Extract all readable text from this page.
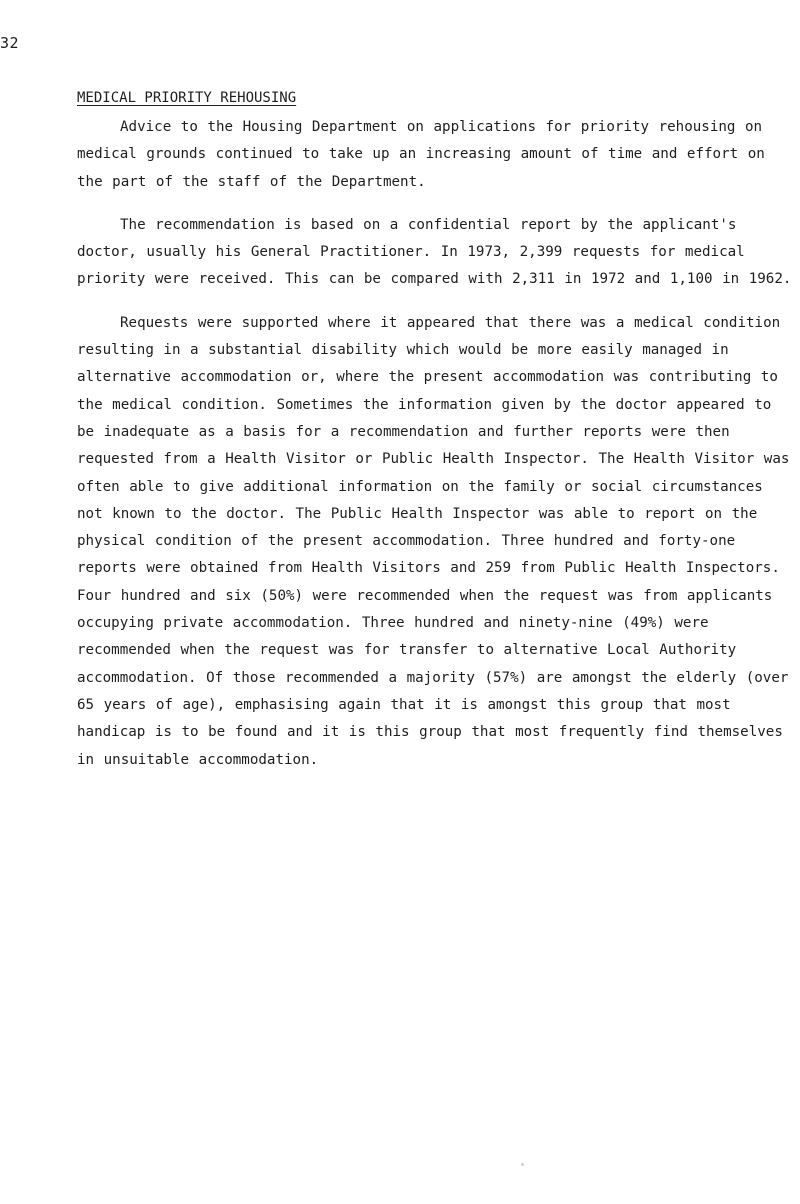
32

MEDICAL PRIORITY REHOUSING

Advice to the Housing Department on applications for priority rehousing on medical grounds continued to take up an increasing amount of time and effort on the part of the staff of the Department.

The recommendation is based on a confidential report by the applicant's doctor, usually his General Practitioner. In 1973, 2,399 requests for medical priority were received. This can be compared with 2,311 in 1972 and 1,100 in 1962.

Requests were supported where it appeared that there was a medical condition resulting in a substantial disability which would be more easily managed in alternative accommodation or, where the present accommodation was contributing to the medical condition. Sometimes the information given by the doctor appeared to be inadequate as a basis for a recommendation and further reports were then requested from a Health Visitor or Public Health Inspector. The Health Visitor was often able to give additional information on the family or social circumstances not known to the doctor. The Public Health Inspector was able to report on the physical condition of the present accommodation. Three hundred and forty-one reports were obtained from Health Visitors and 259 from Public Health Inspectors. Four hundred and six (50%) were recommended when the request was from applicants occupying private accommodation. Three hundred and ninety-nine (49%) were recommended when the request was for transfer to alternative Local Authority accommodation. Of those recommended a majority (57%) are amongst the elderly (over 65 years of age), emphasising again that it is amongst this group that most handicap is to be found and it is this group that most frequently find themselves in unsuitable accommodation.
